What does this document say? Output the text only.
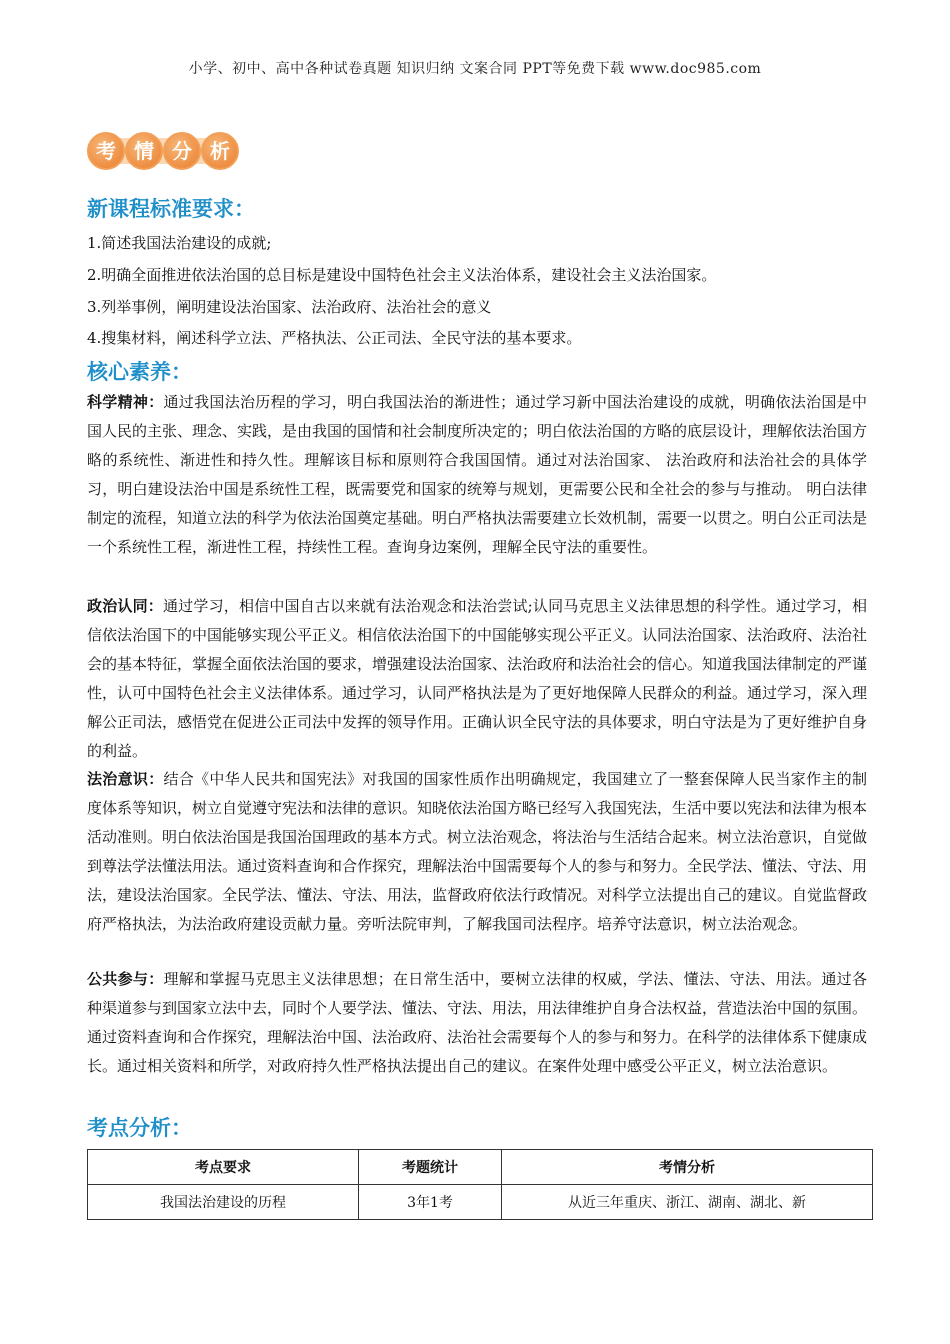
小学、初中、高中各种试卷真题 知识归纳 文案合同 PPT等免费下载 www.doc985.com
考 情 分 析
新课程标准要求：
1.简述我国法治建设的成就;
2.明确全面推进依法治国的总目标是建设中国特色社会主义法治体系，建设社会主义法治国家。
3.列举事例，阐明建设法治国家、法治政府、法治社会的意义
4.搜集材料，阐述科学立法、严格执法、公正司法、全民守法的基本要求。
核心素养：
科学精神：通过我国法治历程的学习，明白我国法治的渐进性；通过学习新中国法治建设的成就，明确依法治国是中国人民的主张、理念、实践，是由我国的国情和社会制度所决定的；明白依法治国的方略的底层设计，理解依法治国方略的系统性、渐进性和持久性。理解该目标和原则符合我国国情。通过对法治国家、 法治政府和法治社会的具体学习，明白建设法治中国是系统性工程，既需要党和国家的统筹与规划，更需要公民和全社会的参与与推动。 明白法律制定的流程，知道立法的科学为依法治国奠定基础。明白严格执法需要建立长效机制，需要一以贯之。明白公正司法是一个系统性工程，渐进性工程，持续性工程。查询身边案例，理解全民守法的重要性。
政治认同：通过学习，相信中国自古以来就有法治观念和法治尝试;认同马克思主义法律思想的科学性。通过学习，相信依法治国下的中国能够实现公平正义。相信依法治国下的中国能够实现公平正义。认同法治国家、法治政府、法治社会的基本特征，掌握全面依法治国的要求，增强建设法治国家、法治政府和法治社会的信心。知道我国法律制定的严谨性，认可中国特色社会主义法律体系。通过学习，认同严格执法是为了更好地保障人民群众的利益。通过学习，深入理解公正司法，感悟党在促进公正司法中发挥的领导作用。正确认识全民守法的具体要求，明白守法是为了更好维护自身的利益。
法治意识：结合《中华人民共和国宪法》对我国的国家性质作出明确规定，我国建立了一整套保障人民当家作主的制度体系等知识，树立自觉遵守宪法和法律的意识。知晓依法治国方略已经写入我国宪法，生活中要以宪法和法律为根本活动准则。明白依法治国是我国治国理政的基本方式。树立法治观念，将法治与生活结合起来。树立法治意识，自觉做到尊法学法懂法用法。通过资料查询和合作探究，理解法治中国需要每个人的参与和努力。全民学法、懂法、守法、用法，建设法治国家。全民学法、懂法、守法、用法，监督政府依法行政情况。对科学立法提出自己的建议。自觉监督政府严格执法，为法治政府建设贡献力量。旁听法院审判，了解我国司法程序。培养守法意识，树立法治观念。
公共参与：理解和掌握马克思主义法律思想；在日常生活中，要树立法律的权威，学法、懂法、守法、用法。通过各种渠道参与到国家立法中去，同时个人要学法、懂法、守法、用法，用法律维护自身合法权益，营造法治中国的氛围。通过资料查询和合作探究，理解法治中国、法治政府、法治社会需要每个人的参与和努力。在科学的法律体系下健康成长。通过相关资料和所学，对政府持久性严格执法提出自己的建议。在案件处理中感受公平正义，树立法治意识。
考点分析：
考点要求	考题统计	考情分析
我国法治建设的历程	3年1考	从近三年重庆、浙江、湖南、湖北、新
